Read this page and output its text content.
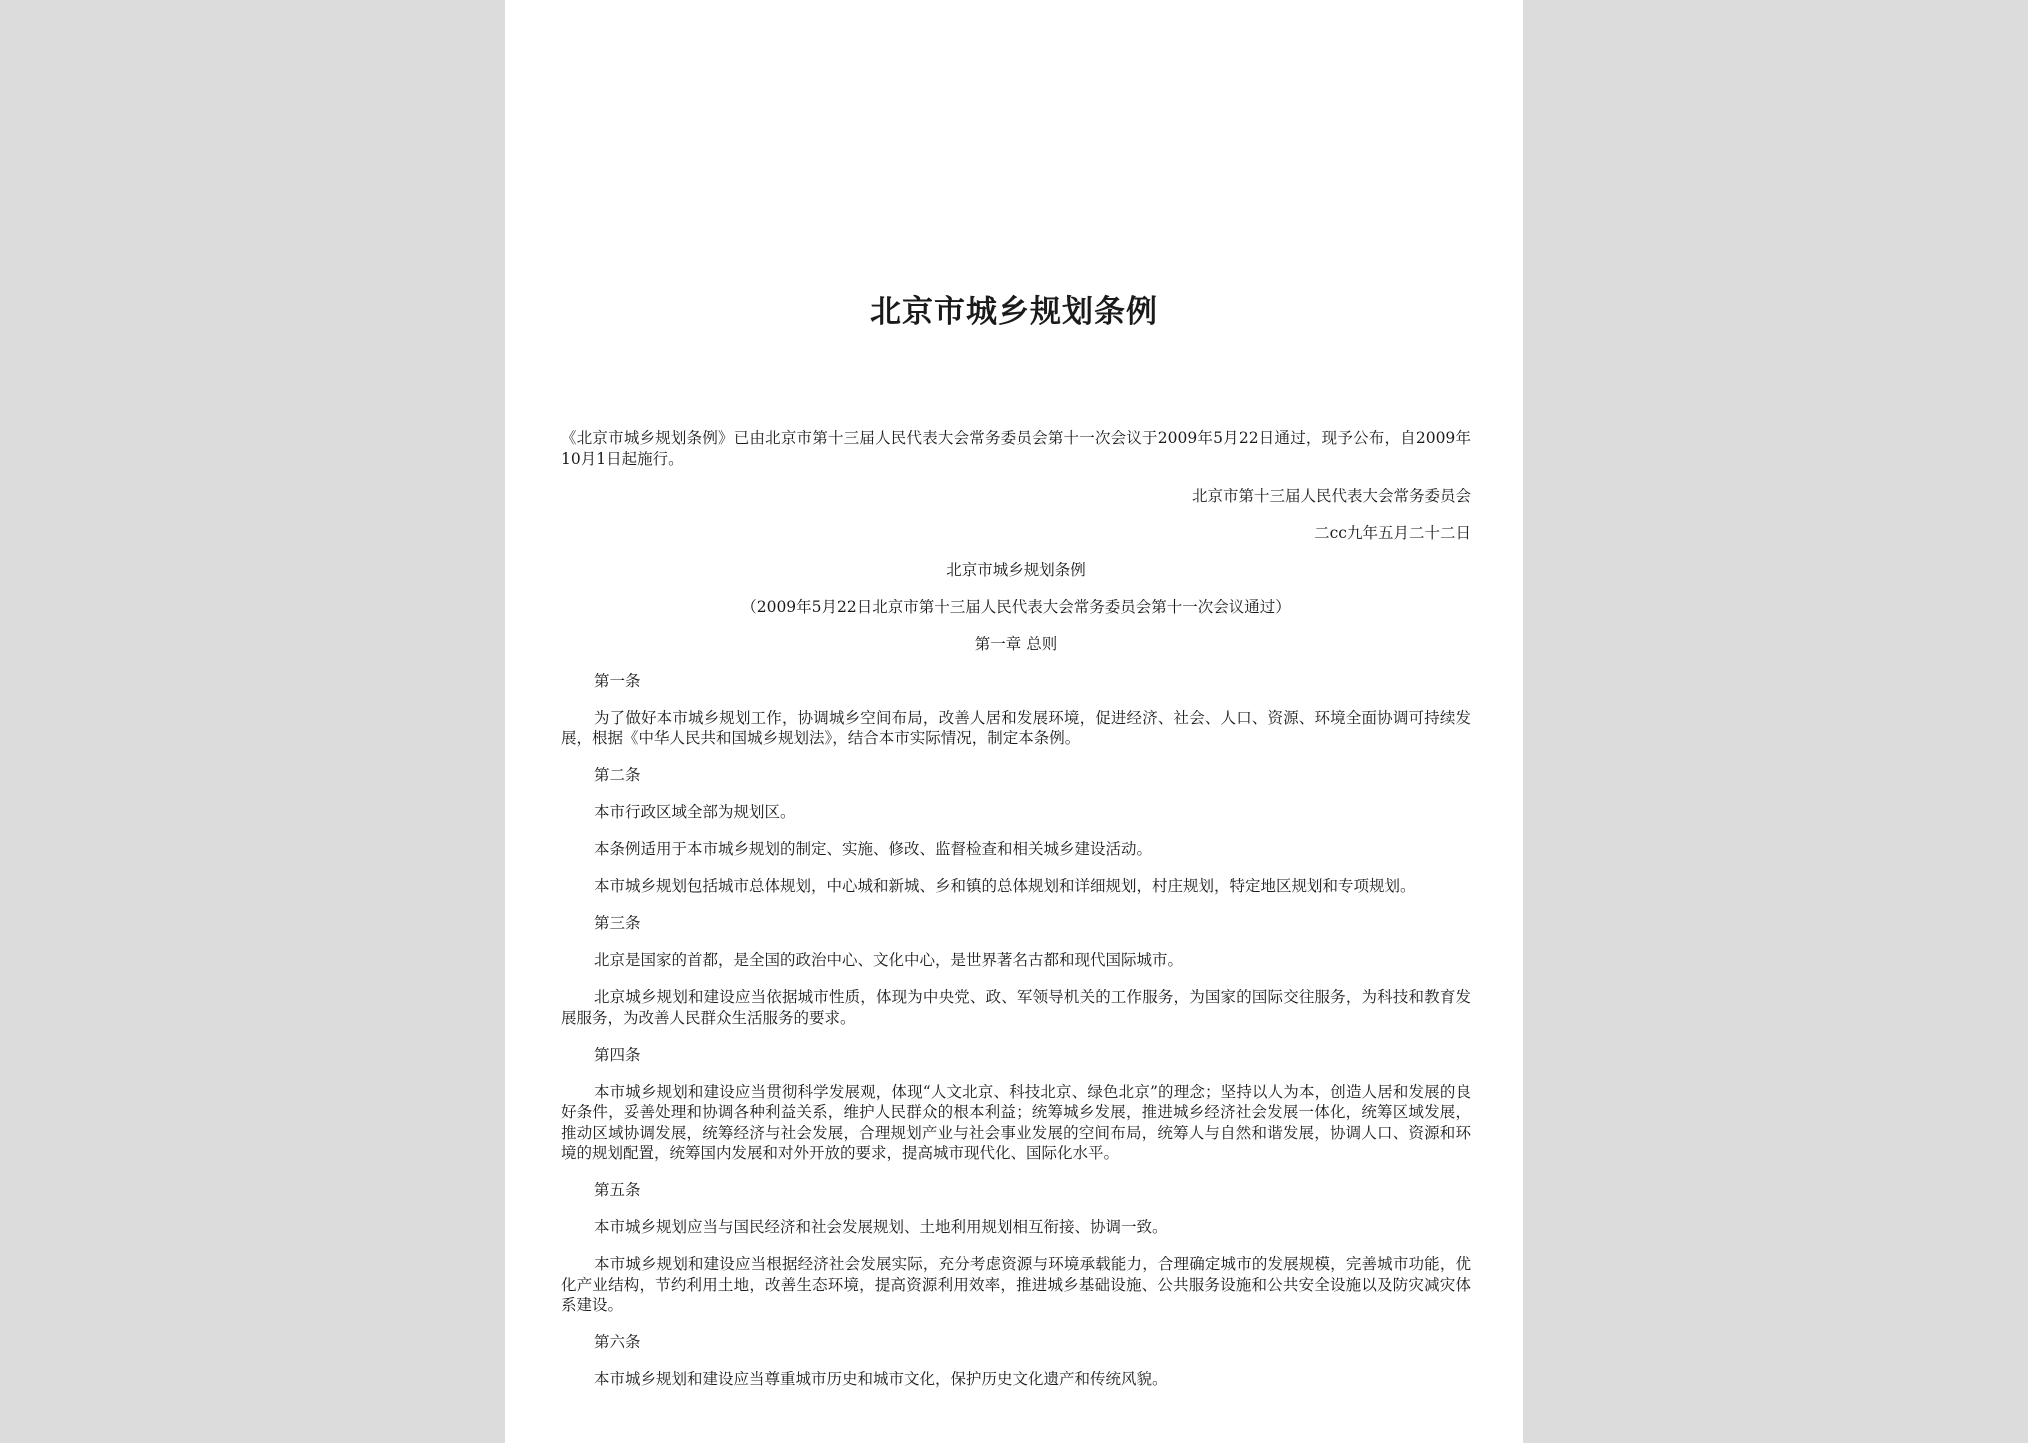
北京市城乡规划条例

《北京市城乡规划条例》已由北京市第十三届人民代表大会常务委员会第十一次会议于2009年5月22日通过，现予公布，自2009年10月1日起施行。

北京市第十三届人民代表大会常务委员会

二cc九年五月二十二日

北京市城乡规划条例

（2009年5月22日北京市第十三届人民代表大会常务委员会第十一次会议通过）

第一章 总则

第一条

为了做好本市城乡规划工作，协调城乡空间布局，改善人居和发展环境，促进经济、社会、人口、资源、环境全面协调可持续发展，根据《中华人民共和国城乡规划法》，结合本市实际情况，制定本条例。

第二条

本市行政区域全部为规划区。

本条例适用于本市城乡规划的制定、实施、修改、监督检查和相关城乡建设活动。

本市城乡规划包括城市总体规划，中心城和新城、乡和镇的总体规划和详细规划，村庄规划，特定地区规划和专项规划。

第三条

北京是国家的首都，是全国的政治中心、文化中心，是世界著名古都和现代国际城市。

北京城乡规划和建设应当依据城市性质，体现为中央党、政、军领导机关的工作服务，为国家的国际交往服务，为科技和教育发展服务，为改善人民群众生活服务的要求。

第四条

本市城乡规划和建设应当贯彻科学发展观，体现“人文北京、科技北京、绿色北京”的理念；坚持以人为本，创造人居和发展的良好条件，妥善处理和协调各种利益关系，维护人民群众的根本利益；统筹城乡发展，推进城乡经济社会发展一体化，统筹区域发展，推动区域协调发展，统筹经济与社会发展，合理规划产业与社会事业发展的空间布局，统筹人与自然和谐发展，协调人口、资源和环境的规划配置，统筹国内发展和对外开放的要求，提高城市现代化、国际化水平。

第五条

本市城乡规划应当与国民经济和社会发展规划、土地利用规划相互衔接、协调一致。

本市城乡规划和建设应当根据经济社会发展实际，充分考虑资源与环境承载能力，合理确定城市的发展规模，完善城市功能，优化产业结构，节约利用土地，改善生态环境，提高资源利用效率，推进城乡基础设施、公共服务设施和公共安全设施以及防灾减灾体系建设。

第六条

本市城乡规划和建设应当尊重城市历史和城市文化，保护历史文化遗产和传统风貌。
